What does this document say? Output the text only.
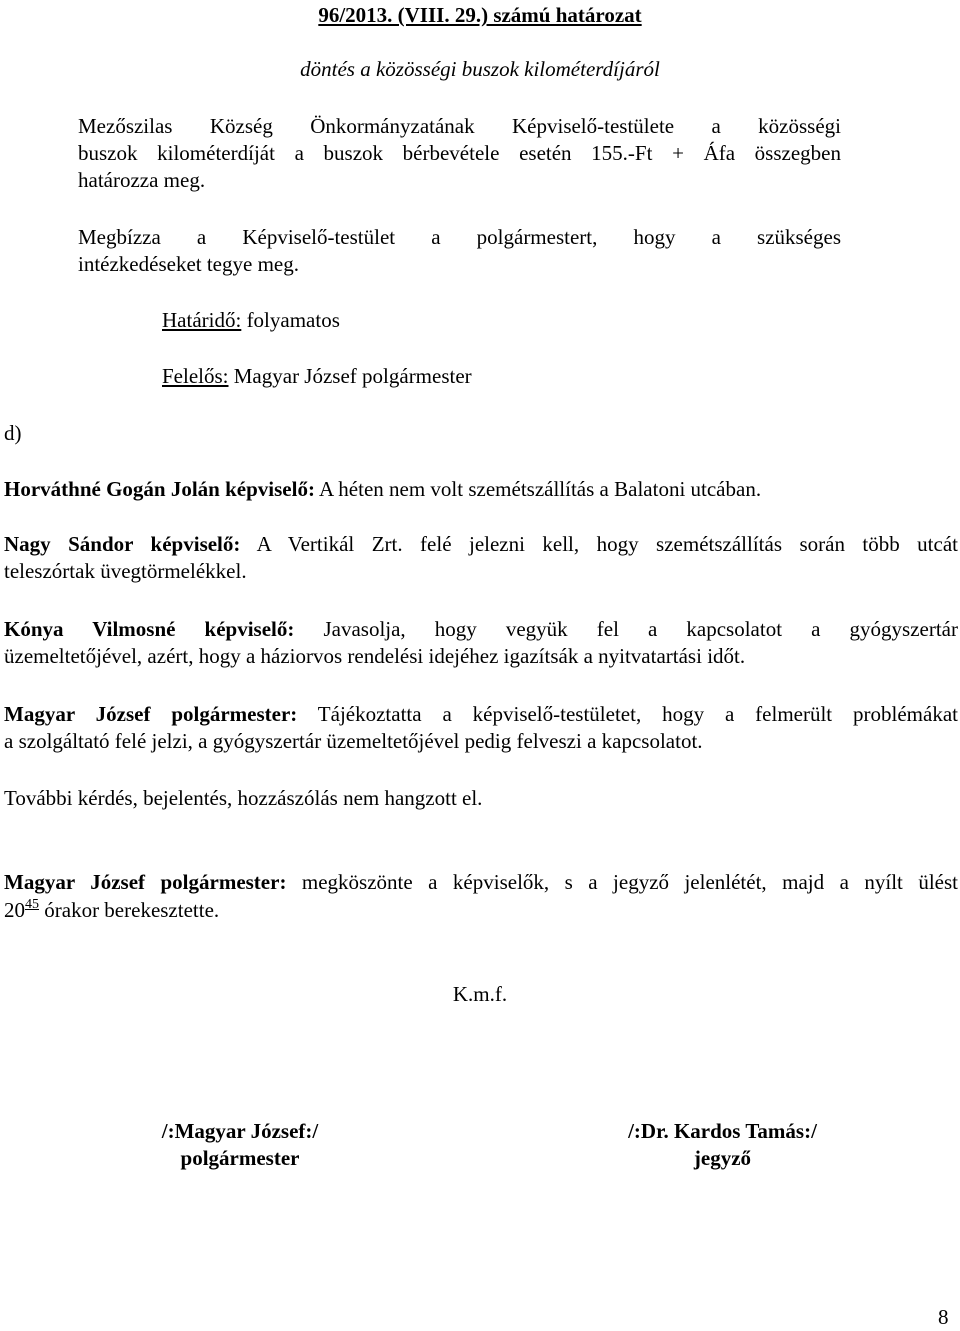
96/2013. (VIII. 29.) számú határozat
döntés a közösségi buszok kilométerdíjáról
Mezőszilas Község Önkormányzatának Képviselő-testülete a közösségi
buszok kilométerdíját a buszok bérbevétele esetén 155.-Ft + Áfa összegben
határozza meg.
Megbízza a Képviselő-testület a polgármestert, hogy a szükséges
intézkedéseket tegye meg.
Határidő: folyamatos
Felelős: Magyar József polgármester
d)
Horváthné Gogán Jolán képviselő: A héten nem volt szemétszállítás a Balatoni utcában.
Nagy Sándor képviselő: A Vertikál Zrt. felé jelezni kell, hogy szemétszállítás során több utcát
teleszórtak üvegtörmelékkel.
Kónya Vilmosné képviselő: Javasolja, hogy vegyük fel a kapcsolatot a gyógyszertár
üzemeltetőjével, azért, hogy a háziorvos rendelési idejéhez igazítsák a nyitvatartási időt.
Magyar József polgármester: Tájékoztatta a képviselő-testületet, hogy a felmerült problémákat
a szolgáltató felé jelzi, a gyógyszertár üzemeltetőjével pedig felveszi a kapcsolatot.
További kérdés, bejelentés, hozzászólás nem hangzott el.
Magyar József polgármester: megköszönte a képviselők, s a jegyző jelenlétét, majd a nyílt ülést
$20^{45}$ órakor berekesztette.
K.m.f.
/:Magyar József:/
polgármester
/:Dr. Kardos Tamás:/
jegyző
8
